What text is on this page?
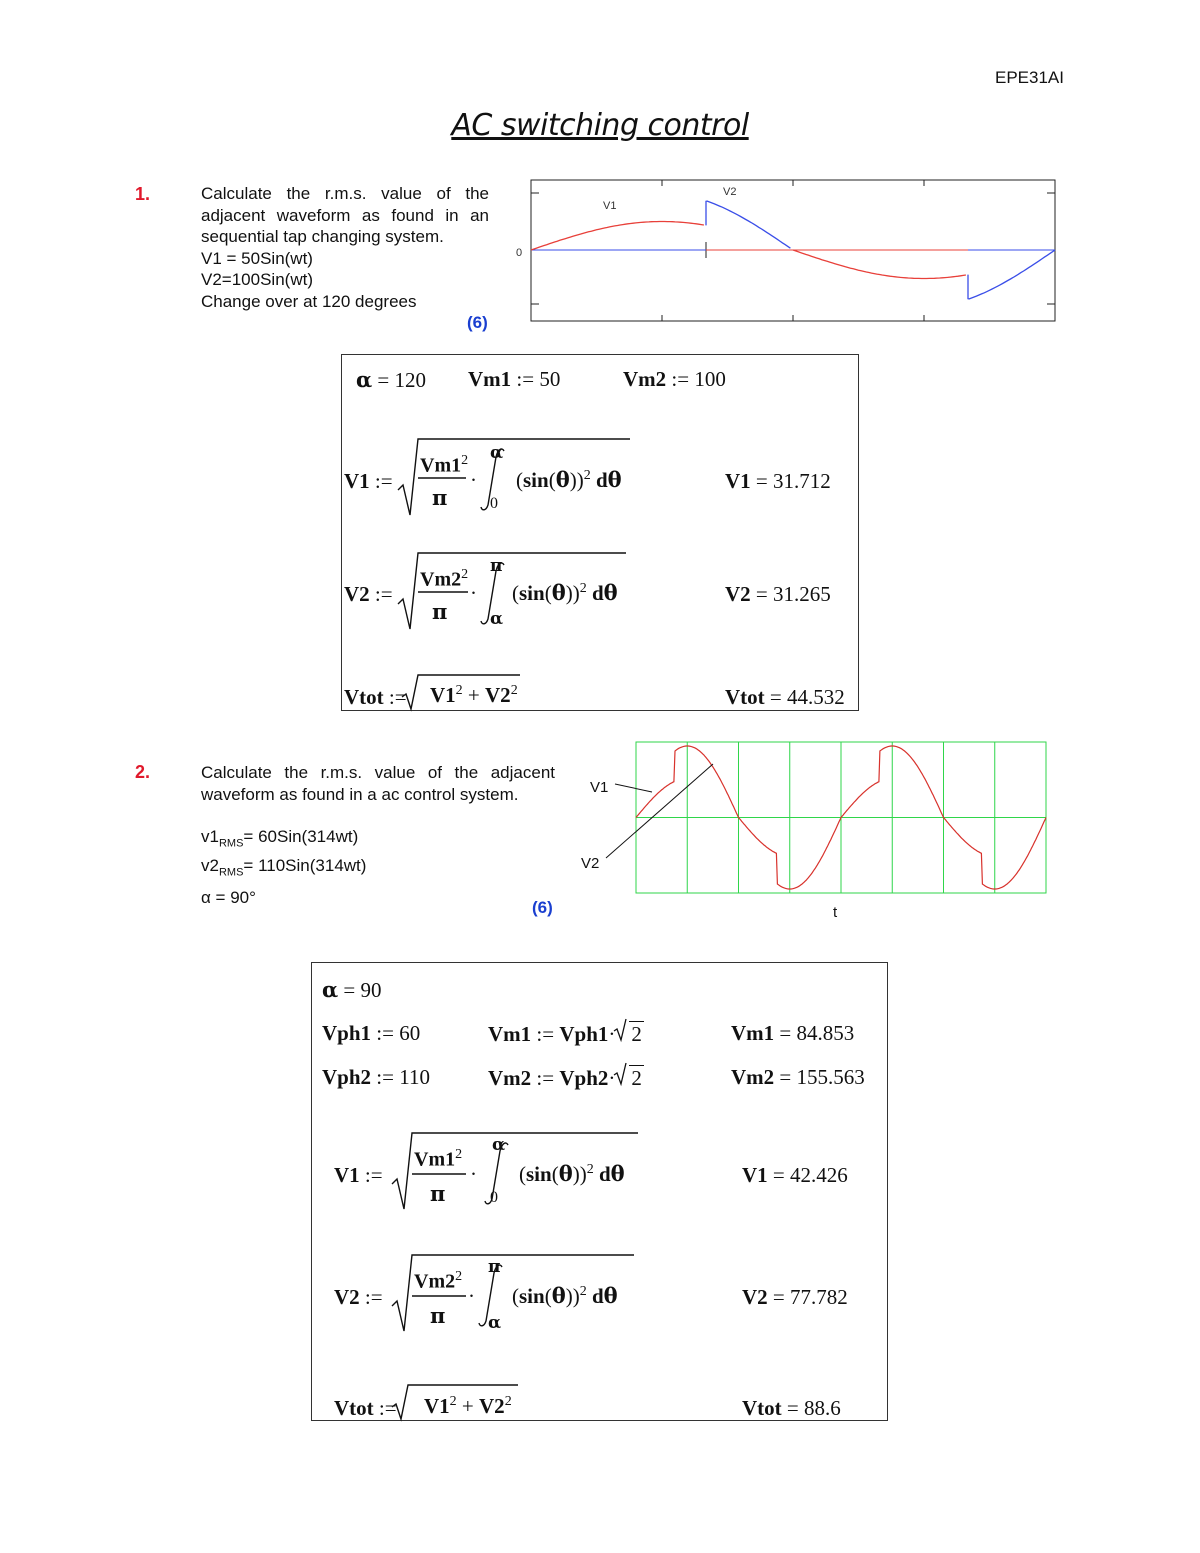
EPE31AI
AC switching control
1.	Calculate the r.m.s. value of the adjacent waveform as found in an sequential tap changing system.

V1 = 50Sin(wt)

V2=100Sin(wt)

Change over at 120 degrees

(6)
V1
V2
0
α = 120 Vm1 := 50	Vm2 := 100
V1 :=
$Vm1^2$
π
·
α
0
$(\sin(\theta))^2$ dθ	V1 = 31.712
V2 :=
$Vm2^2$
π
·
π
α
$(\sin(\theta))^2$ dθ	V2 = 31.265
Vtot := $V1^2 + V2^2$	Vtot = 44.532
2.	Calculate the r.m.s. value of the adjacent waveform as found in a ac control system.

$v1_{RMS}= 60Sin(314wt)$

$v2_{RMS}= 110Sin(314wt)$

α = 90°

(6)
V1
V2
t
α = 90
Vph1 := 60	Vm1 := Vph1· 2	Vm1 = 84.853
Vph2 := 110	Vm2 := Vph2· 2	Vm2 = 155.563
V1 :=
$Vm1^2$
π
·
α
0
$(\sin(\theta))^2$ dθ	V1 = 42.426
V2 :=
$Vm2^2$
π
·
π
α
$(\sin(\theta))^2$ dθ	V2 = 77.782
Vtot := $V1^2 + V2^2$	Vtot = 88.6
